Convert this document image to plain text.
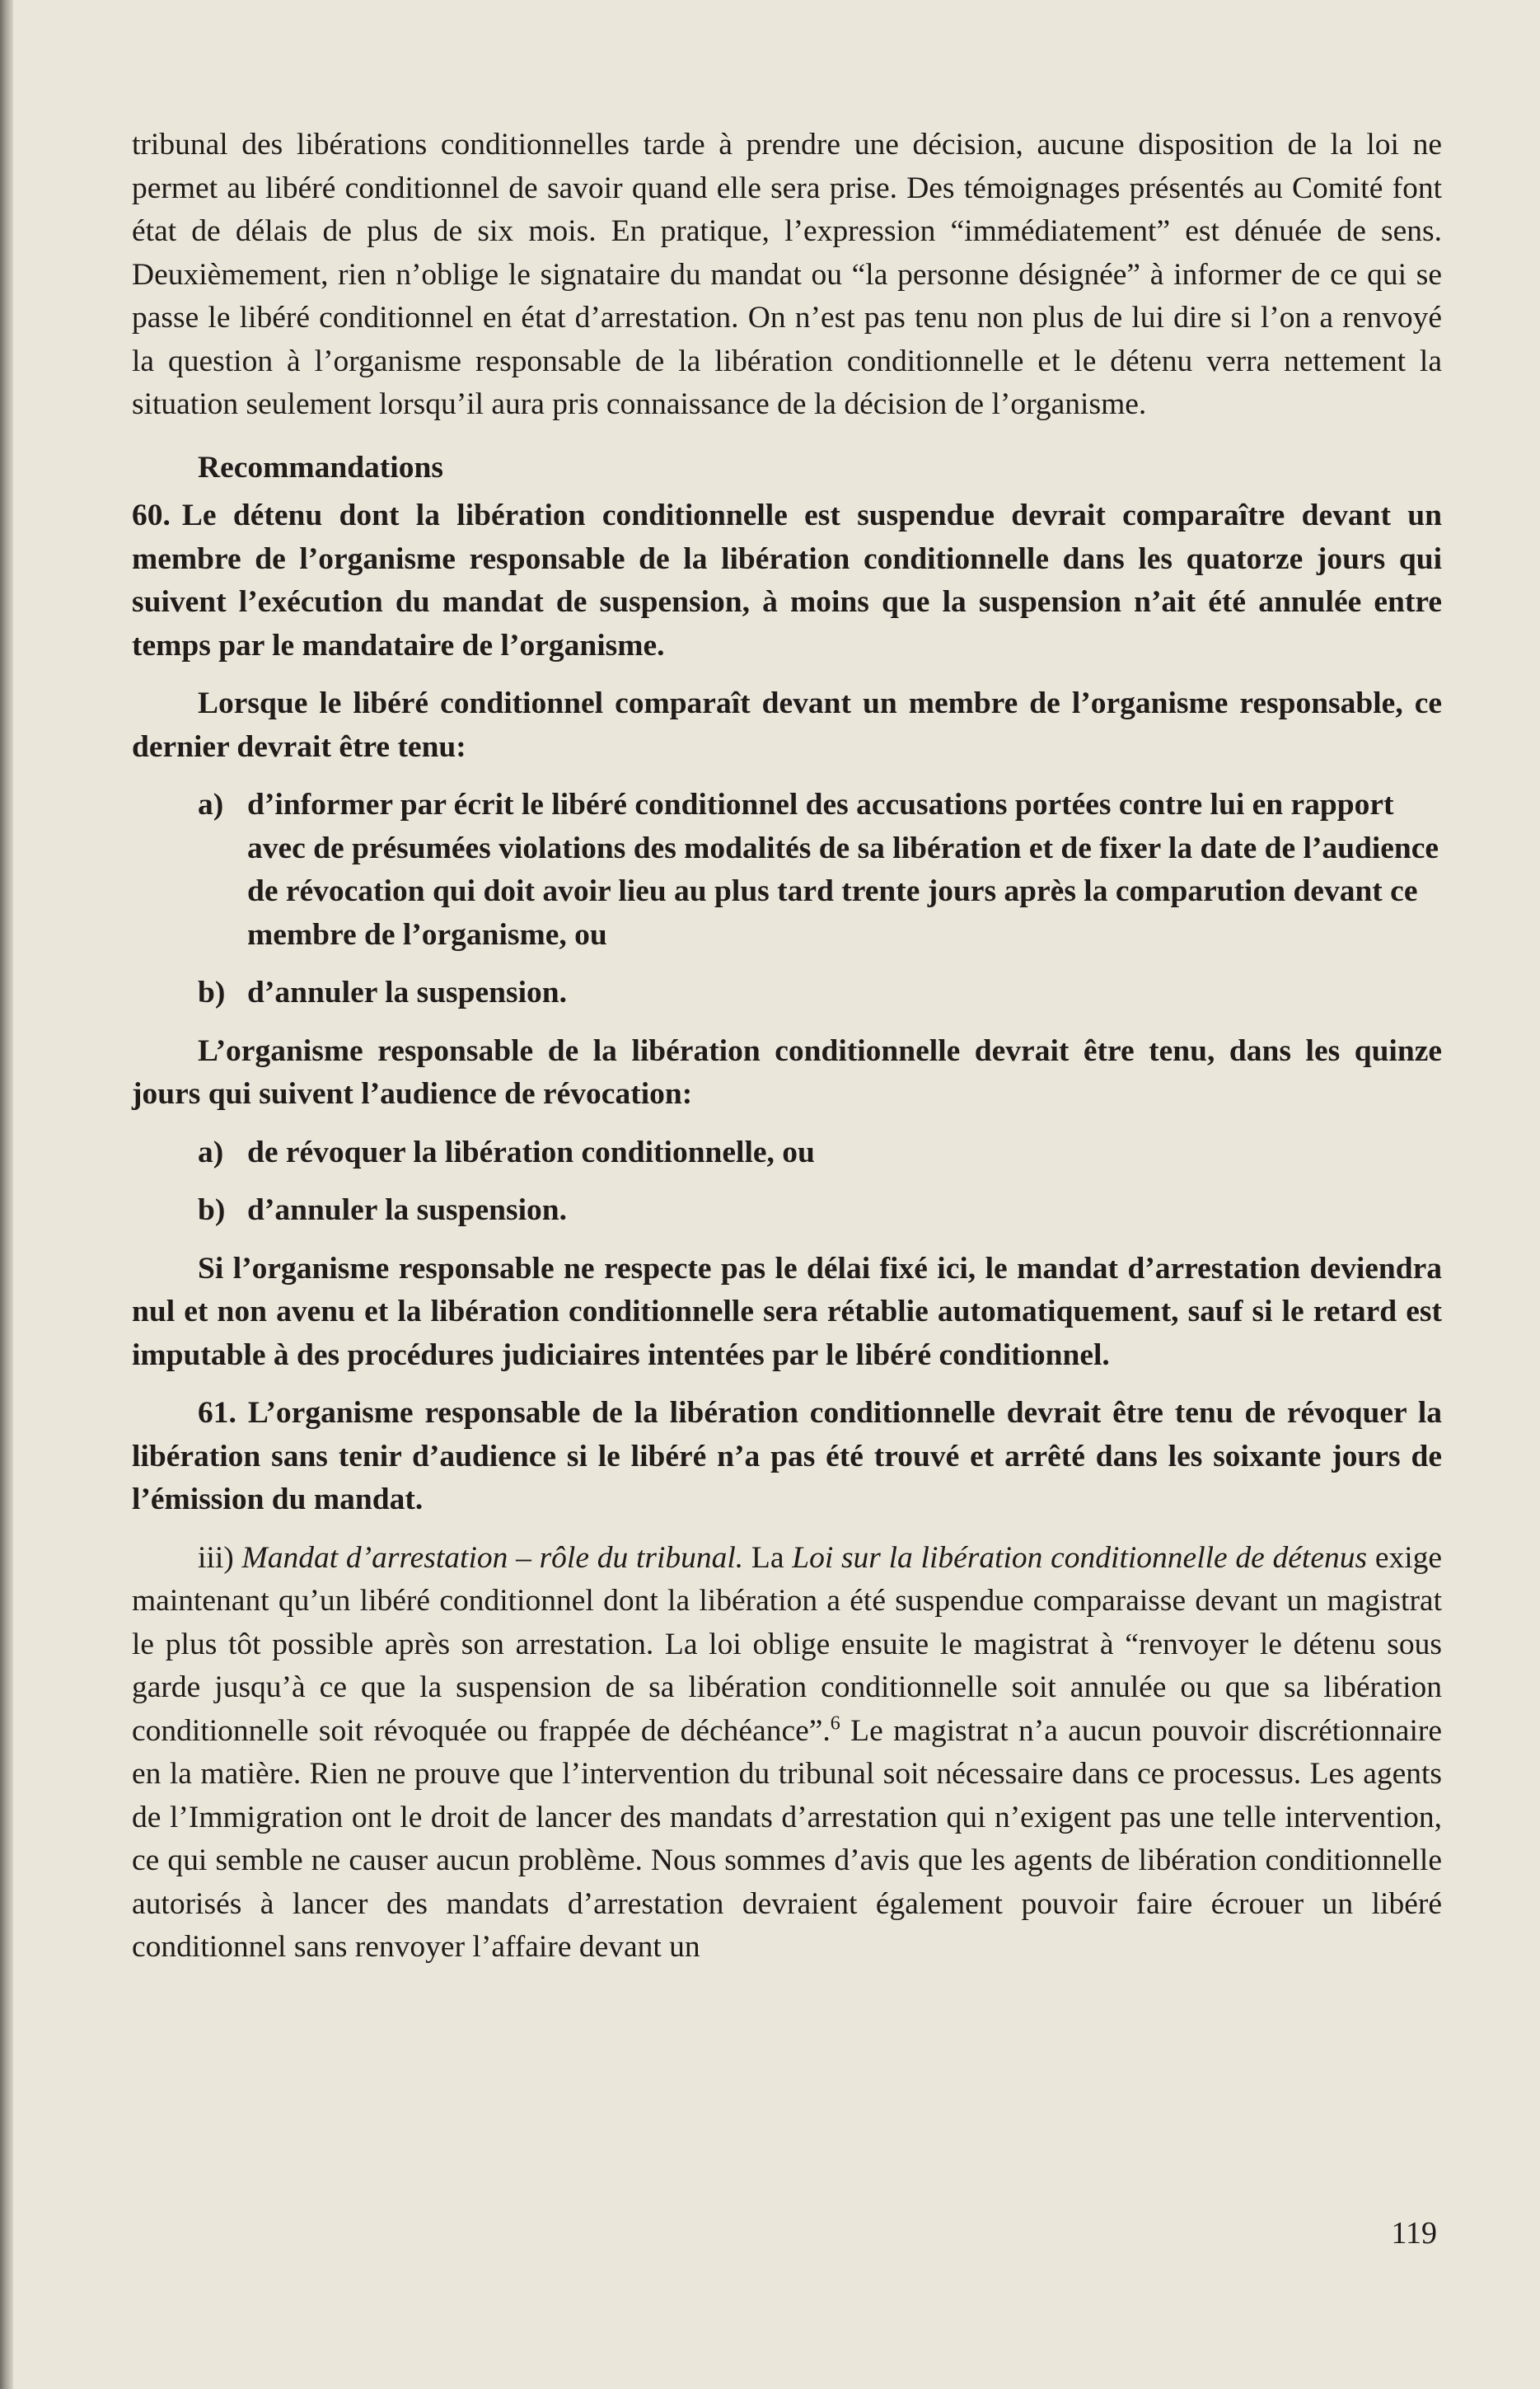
tribunal des libérations conditionnelles tarde à prendre une décision, aucune disposition de la loi ne permet au libéré conditionnel de savoir quand elle sera prise. Des témoignages présentés au Comité font état de délais de plus de six mois. En pratique, l’expression “immédiatement” est dénuée de sens. Deuxièmement, rien n’oblige le signataire du mandat ou “la personne désignée” à informer de ce qui se passe le libéré conditionnel en état d’arrestation. On n’est pas tenu non plus de lui dire si l’on a renvoyé la question à l’organisme responsable de la libération conditionnelle et le détenu verra nettement la situation seulement lorsqu’il aura pris connaissance de la décision de l’organisme.

Recommandations

60. Le détenu dont la libération conditionnelle est suspendue devrait comparaître devant un membre de l’organisme responsable de la libération conditionnelle dans les quatorze jours qui suivent l’exécution du mandat de suspension, à moins que la suspension n’ait été annulée entre temps par le mandataire de l’organisme.

Lorsque le libéré conditionnel comparaît devant un membre de l’organisme responsable, ce dernier devrait être tenu:

a) d’informer par écrit le libéré conditionnel des accusations portées contre lui en rapport avec de présumées violations des modalités de sa libération et de fixer la date de l’audience de révocation qui doit avoir lieu au plus tard trente jours après la comparution devant ce membre de l’organisme, ou
b) d’annuler la suspension.

L’organisme responsable de la libération conditionnelle devrait être tenu, dans les quinze jours qui suivent l’audience de révocation:

a) de révoquer la libération conditionnelle, ou
b) d’annuler la suspension.

Si l’organisme responsable ne respecte pas le délai fixé ici, le mandat d’arrestation deviendra nul et non avenu et la libération conditionnelle sera rétablie automatiquement, sauf si le retard est imputable à des procédures judiciaires intentées par le libéré conditionnel.

61. L’organisme responsable de la libération conditionnelle devrait être tenu de révoquer la libération sans tenir d’audience si le libéré n’a pas été trouvé et arrêté dans les soixante jours de l’émission du mandat.

iii) Mandat d’arrestation – rôle du tribunal. La Loi sur la libération conditionnelle de détenus exige maintenant qu’un libéré conditionnel dont la libération a été suspendue comparaisse devant un magistrat le plus tôt possible après son arrestation. La loi oblige ensuite le magistrat à “renvoyer le détenu sous garde jusqu’à ce que la suspension de sa libération conditionnelle soit annulée ou que sa libération conditionnelle soit révoquée ou frappée de déchéance”.$^6$ Le magistrat n’a aucun pouvoir discrétionnaire en la matière. Rien ne prouve que l’intervention du tribunal soit nécessaire dans ce processus. Les agents de l’Immigration ont le droit de lancer des mandats d’arrestation qui n’exigent pas une telle intervention, ce qui semble ne causer aucun problème. Nous sommes d’avis que les agents de libération conditionnelle autorisés à lancer des mandats d’arrestation devraient également pouvoir faire écrouer un libéré conditionnel sans renvoyer l’affaire devant un

119
